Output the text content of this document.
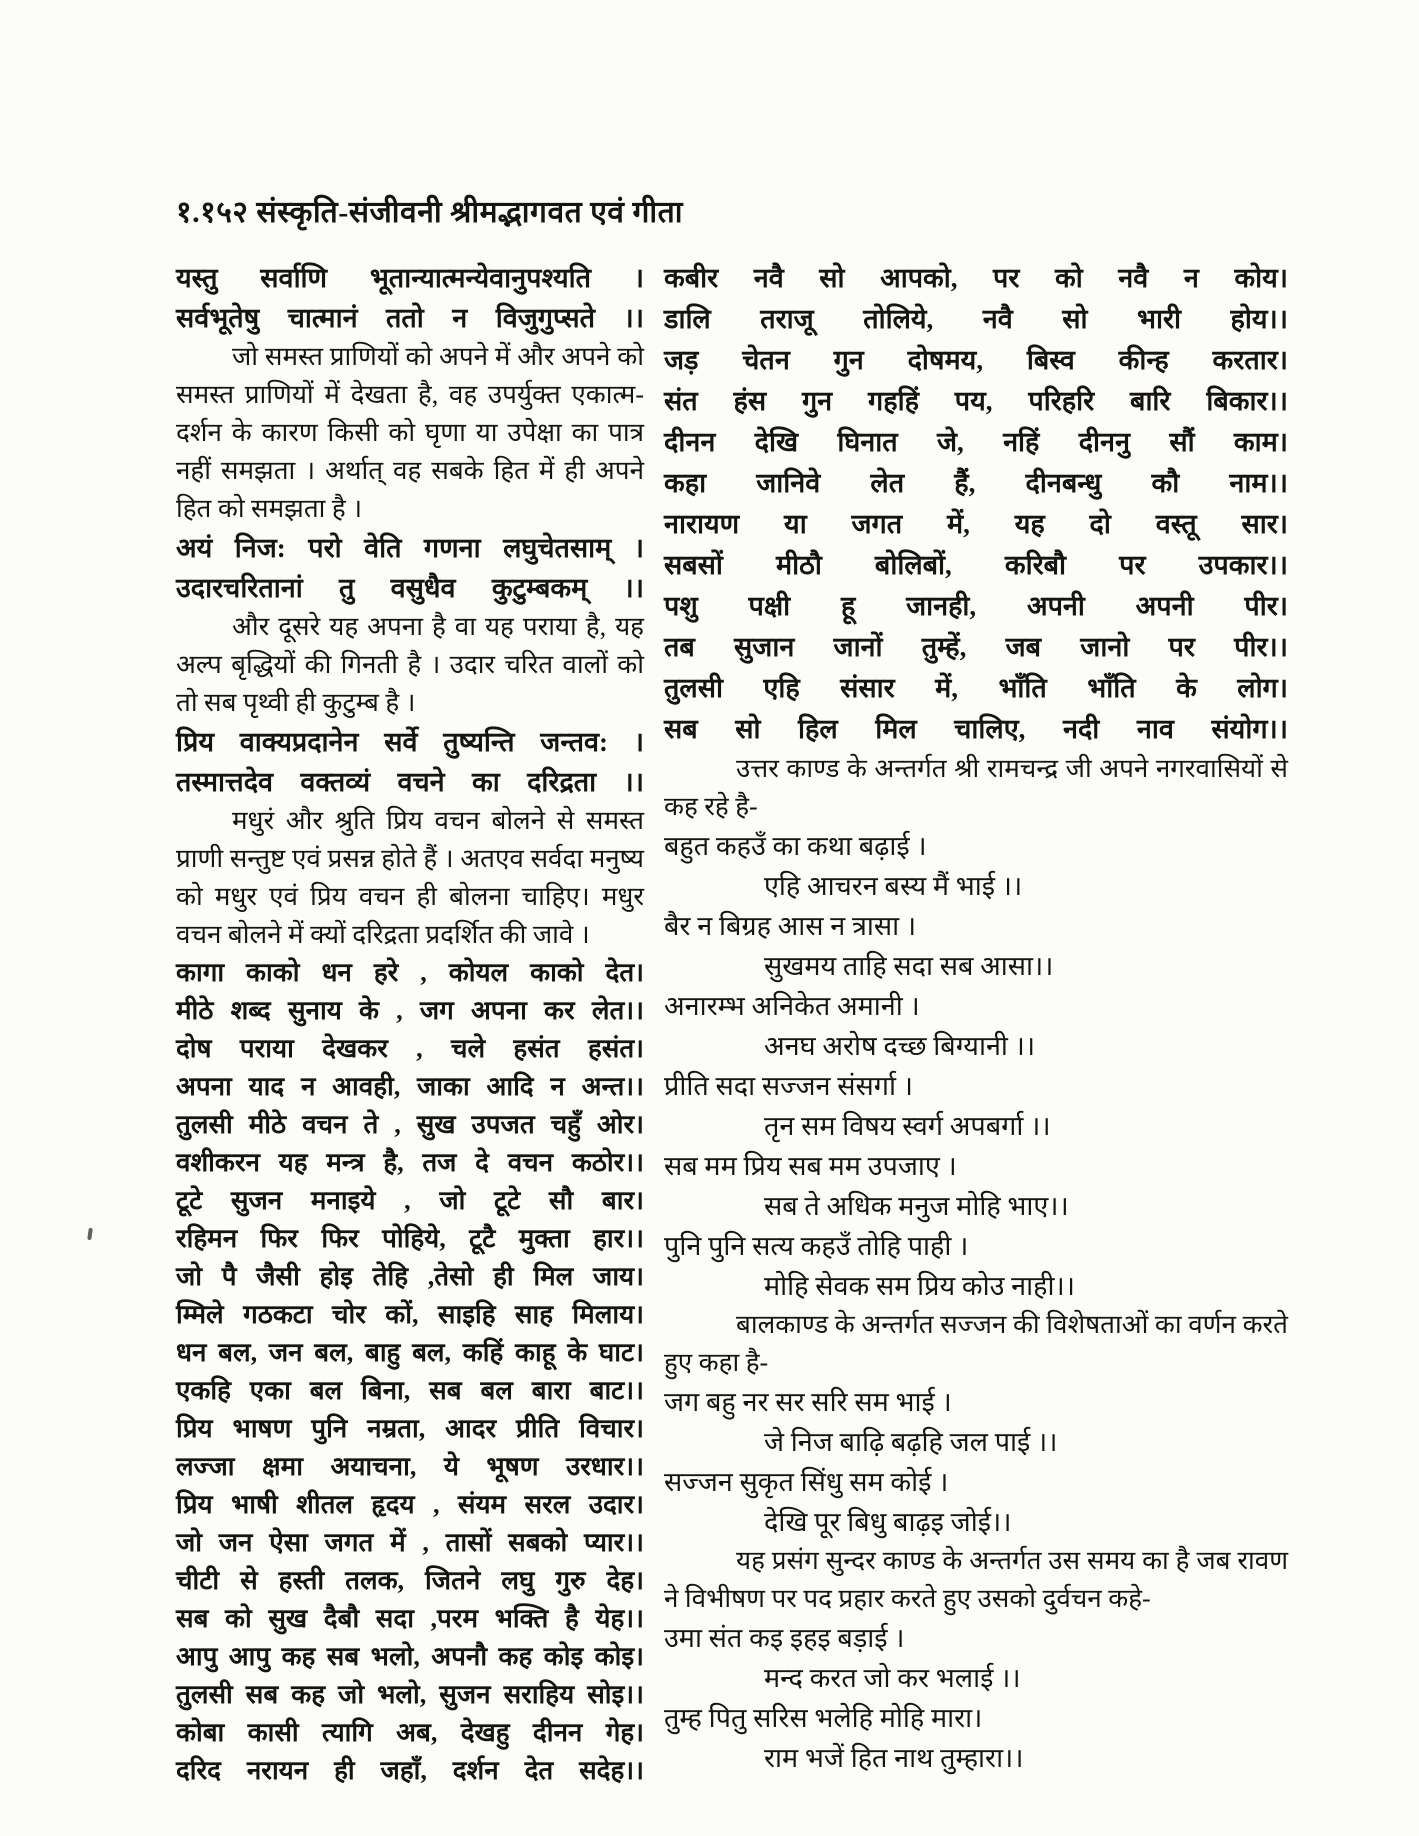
१.१५२ संस्कृति-संजीवनी श्रीमद्भागवत एवं गीता
यस्तु सर्वाणि भूतान्यात्मन्येवानुपश्यति ।
सर्वभूतेषु चात्मानं ततो न विजुगुप्सते ।।

जो समस्त प्राणियों को अपने में और अपने को समस्त प्राणियों में देखता है, वह उपर्युक्त एकात्म-दर्शन के कारण किसी को घृणा या उपेक्षा का पात्र नहीं समझता । अर्थात् वह सबके हित में ही अपने हित को समझता है ।

अयं निज: परो वेति गणना लघुचेतसाम् ।
उदारचरितानां तु वसुधैव कुटुम्बकम् ।।

और दूसरे यह अपना है वा यह पराया है, यह अल्प बृद्धियों की गिनती है । उदार चरित वालों को तो सब पृथ्वी ही कुटुम्ब है ।

प्रिय वाक्यप्रदानेन सर्वे तुष्यन्ति जन्तव: ।
तस्मात्तदेव वक्तव्यं वचने का दरिद्रता ।।

मधुरं और श्रुति प्रिय वचन बोलने से समस्त प्राणी सन्तुष्ट एवं प्रसन्न होते हैं । अतएव सर्वदा मनुष्य को मधुर एवं प्रिय वचन ही बोलना चाहिए। मधुर वचन बोलने में क्यों दरिद्रता प्रदर्शित की जावे ।

कागा काको धन हरे , कोयल काको देत।
मीठे शब्द सुनाय के , जग अपना कर लेत।।
दोष पराया देखकर , चले हसंत हसंत।
अपना याद न आवही, जाका आदि न अन्त।।
तुलसी मीठे वचन ते , सुख उपजत चहुँ ओर।
वशीकरन यह मन्त्र है, तज दे वचन कठोर।।
टूटे सुजन मनाइये , जो टूटे सौ बार।
रहिमन फिर फिर पोहिये, टूटै मुक्ता हार।।
जो पै जैसी होइ तेहि ,तेसो ही मिल जाय।
म्मिले गठकटा चोर कों, साइहि साह मिलाय।
धन बल, जन बल, बाहु बल, कहिं काहू के घाट।
एकहि एका बल बिना, सब बल बारा बाट।।
प्रिय भाषण पुनि नम्रता, आदर प्रीति विचार।
लज्जा क्षमा अयाचना, ये भूषण उरधार।।
प्रिय भाषी शीतल हृदय , संयम सरल उदार।
जो जन ऐसा जगत में , तासों सबको प्यार।।
चीटी से हस्ती तलक, जितने लघु गुरु देह।
सब को सुख दैबौ सदा ,परम भक्ति है येह।।
आपु आपु कह सब भलो, अपनौ कह कोइ कोइ।
तुलसी सब कह जो भलो, सुजन सराहिय सोइ।।
कोबा कासी त्यागि अब, देखहु दीनन गेह।
दरिद नरायन ही जहाँ, दर्शन देत सदेह।।
कबीर नवै सो आपको, पर को नवै न कोय।
डालि तराजू तोलिये, नवै सो भारी होय।।
जड़ चेतन गुन दोषमय, बिस्व कीन्ह करतार।
संत हंस गुन गहहिं पय, परिहरि बारि बिकार।।
दीनन देखि घिनात जे, नहिं दीननु सौं काम।
कहा जानिवे लेत हैं, दीनबन्धु कौ नाम।।
नारायण या जगत में, यह दो वस्तू सार।
सबसों मीठौ बोलिबों, करिबौ पर उपकार।।
पशु पक्षी हू जानही, अपनी अपनी पीर।
तब सुजान जानों तुम्हें, जब जानो पर पीर।।
तुलसी एहि संसार में, भाँति भाँति के लोग।
सब सो हिल मिल चालिए, नदी नाव संयोग।।

उत्तर काण्ड के अन्तर्गत श्री रामचन्द्र जी अपने नगरवासियों से कह रहे है-

बहुत कहउँ का कथा बढ़ाई ।
एहि आचरन बस्य मैं भाई ।।
बैर न बिग्रह आस न त्रासा ।
सुखमय ताहि सदा सब आसा।।
अनारम्भ अनिकेत अमानी ।
अनघ अरोष दच्छ बिग्यानी ।।
प्रीति सदा सज्जन संसर्गा ।
तृन सम विषय स्वर्ग अपबर्गा ।।
सब मम प्रिय सब मम उपजाए ।
सब ते अधिक मनुज मोहि भाए।।
पुनि पुनि सत्य कहउँ तोहि पाही ।
मोहि सेवक सम प्रिय कोउ नाही।।

बालकाण्ड के अन्तर्गत सज्जन की विशेषताओं का वर्णन करते हुए कहा है-

जग बहु नर सर सरि सम भाई ।
जे निज बाढ़ि बढ़हि जल पाई ।।
सज्जन सुकृत सिंधु सम कोई ।
देखि पूर बिधु बाढ़इ जोई।।

यह प्रसंग सुन्दर काण्ड के अन्तर्गत उस समय का है जब रावण ने विभीषण पर पद प्रहार करते हुए उसको दुर्वचन कहे-

उमा संत कइ इहइ बड़ाई ।
मन्द करत जो कर भलाई ।।
तुम्ह पितु सरिस भलेहि मोहि मारा।
राम भजें हित नाथ तुम्हारा।।
